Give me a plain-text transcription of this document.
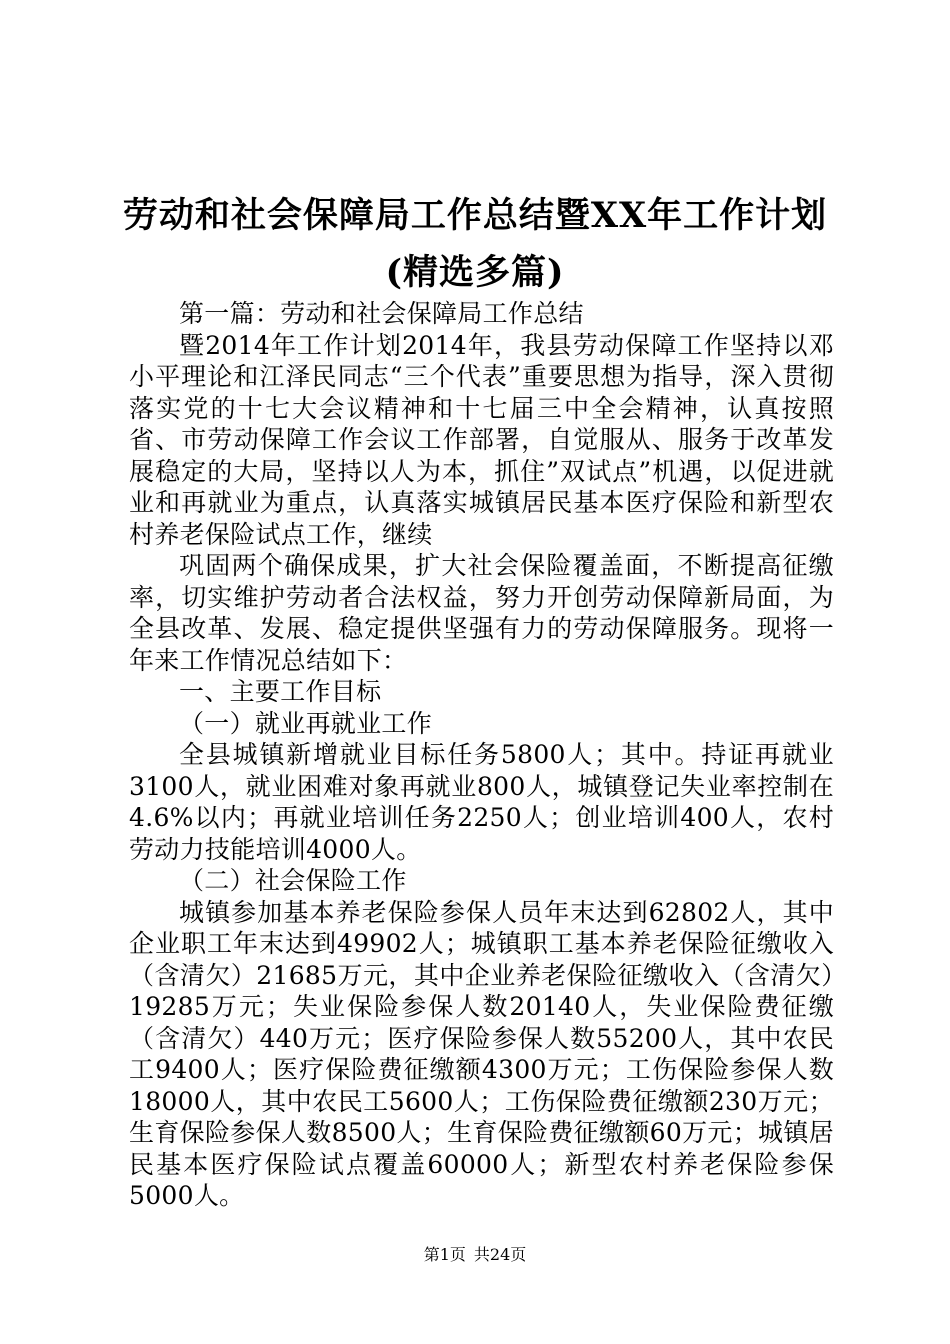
劳动和社会保障局工作总结暨XX年工作计划
(精选多篇)

第一篇：劳动和社会保障局工作总结

暨2014年工作计划2014年，我县劳动保障工作坚持以邓小平理论和江泽民同志“三个代表”重要思想为指导，深入贯彻落实党的十七大会议精神和十七届三中全会精神，认真按照省、市劳动保障工作会议工作部署，自觉服从、服务于改革发展稳定的大局，坚持以人为本，抓住”双试点”机遇，以促进就业和再就业为重点，认真落实城镇居民基本医疗保险和新型农村养老保险试点工作，继续

巩固两个确保成果，扩大社会保险覆盖面，不断提高征缴率，切实维护劳动者合法权益，努力开创劳动保障新局面，为全县改革、发展、稳定提供坚强有力的劳动保障服务。现将一年来工作情况总结如下：

一、主要工作目标

（一）就业再就业工作

全县城镇新增就业目标任务5800人；其中。持证再就业3100人，就业困难对象再就业800人，城镇登记失业率控制在4.6%以内；再就业培训任务2250人；创业培训400人，农村劳动力技能培训4000人。

（二）社会保险工作

城镇参加基本养老保险参保人员年末达到62802人，其中企业职工年末达到49902人；城镇职工基本养老保险征缴收入（含清欠）21685万元，其中企业养老保险征缴收入（含清欠）19285万元；失业保险参保人数20140人，失业保险费征缴（含清欠）440万元；医疗保险参保人数55200人，其中农民工9400人；医疗保险费征缴额4300万元；工伤保险参保人数18000人，其中农民工5600人；工伤保险费征缴额230万元；生育保险参保人数8500人；生育保险费征缴额60万元；城镇居民基本医疗保险试点覆盖60000人；新型农村养老保险参保5000人。

第1页 共24页
